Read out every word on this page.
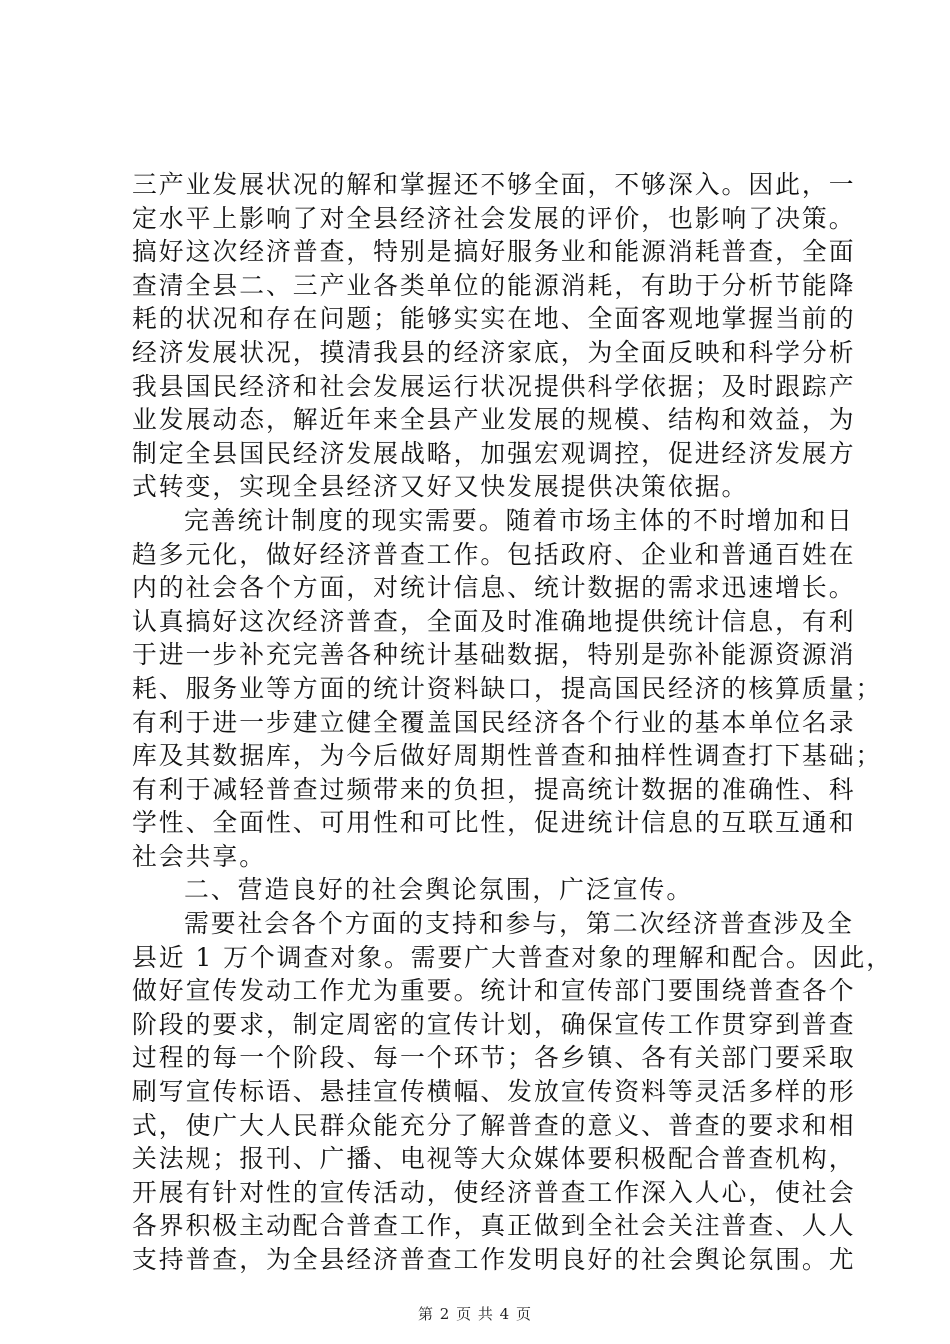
三产业发展状况的解和掌握还不够全面，不够深入。因此，一
定水平上影响了对全县经济社会发展的评价，也影响了决策。
搞好这次经济普查，特别是搞好服务业和能源消耗普查，全面
查清全县二、三产业各类单位的能源消耗，有助于分析节能降
耗的状况和存在问题；能够实实在地、全面客观地掌握当前的
经济发展状况，摸清我县的经济家底，为全面反映和科学分析
我县国民经济和社会发展运行状况提供科学依据；及时跟踪产
业发展动态，解近年来全县产业发展的规模、结构和效益，为
制定全县国民经济发展战略，加强宏观调控，促进经济发展方
式转变，实现全县经济又好又快发展提供决策依据。
完善统计制度的现实需要。随着市场主体的不时增加和日
趋多元化，做好经济普查工作。包括政府、企业和普通百姓在
内的社会各个方面，对统计信息、统计数据的需求迅速增长。
认真搞好这次经济普查，全面及时准确地提供统计信息，有利
于进一步补充完善各种统计基础数据，特别是弥补能源资源消
耗、服务业等方面的统计资料缺口，提高国民经济的核算质量；
有利于进一步建立健全覆盖国民经济各个行业的基本单位名录
库及其数据库，为今后做好周期性普查和抽样性调查打下基础；
有利于减轻普查过频带来的负担，提高统计数据的准确性、科
学性、全面性、可用性和可比性，促进统计信息的互联互通和
社会共享。
二、营造良好的社会舆论氛围，广泛宣传。
需要社会各个方面的支持和参与，第二次经济普查涉及全
县近 1 万个调查对象。需要广大普查对象的理解和配合。因此，
做好宣传发动工作尤为重要。统计和宣传部门要围绕普查各个
阶段的要求，制定周密的宣传计划，确保宣传工作贯穿到普查
过程的每一个阶段、每一个环节；各乡镇、各有关部门要采取
刷写宣传标语、悬挂宣传横幅、发放宣传资料等灵活多样的形
式，使广大人民群众能充分了解普查的意义、普查的要求和相
关法规；报刊、广播、电视等大众媒体要积极配合普查机构，
开展有针对性的宣传活动，使经济普查工作深入人心，使社会
各界积极主动配合普查工作，真正做到全社会关注普查、人人
支持普查，为全县经济普查工作发明良好的社会舆论氛围。尤
第 2 页 共 4 页
